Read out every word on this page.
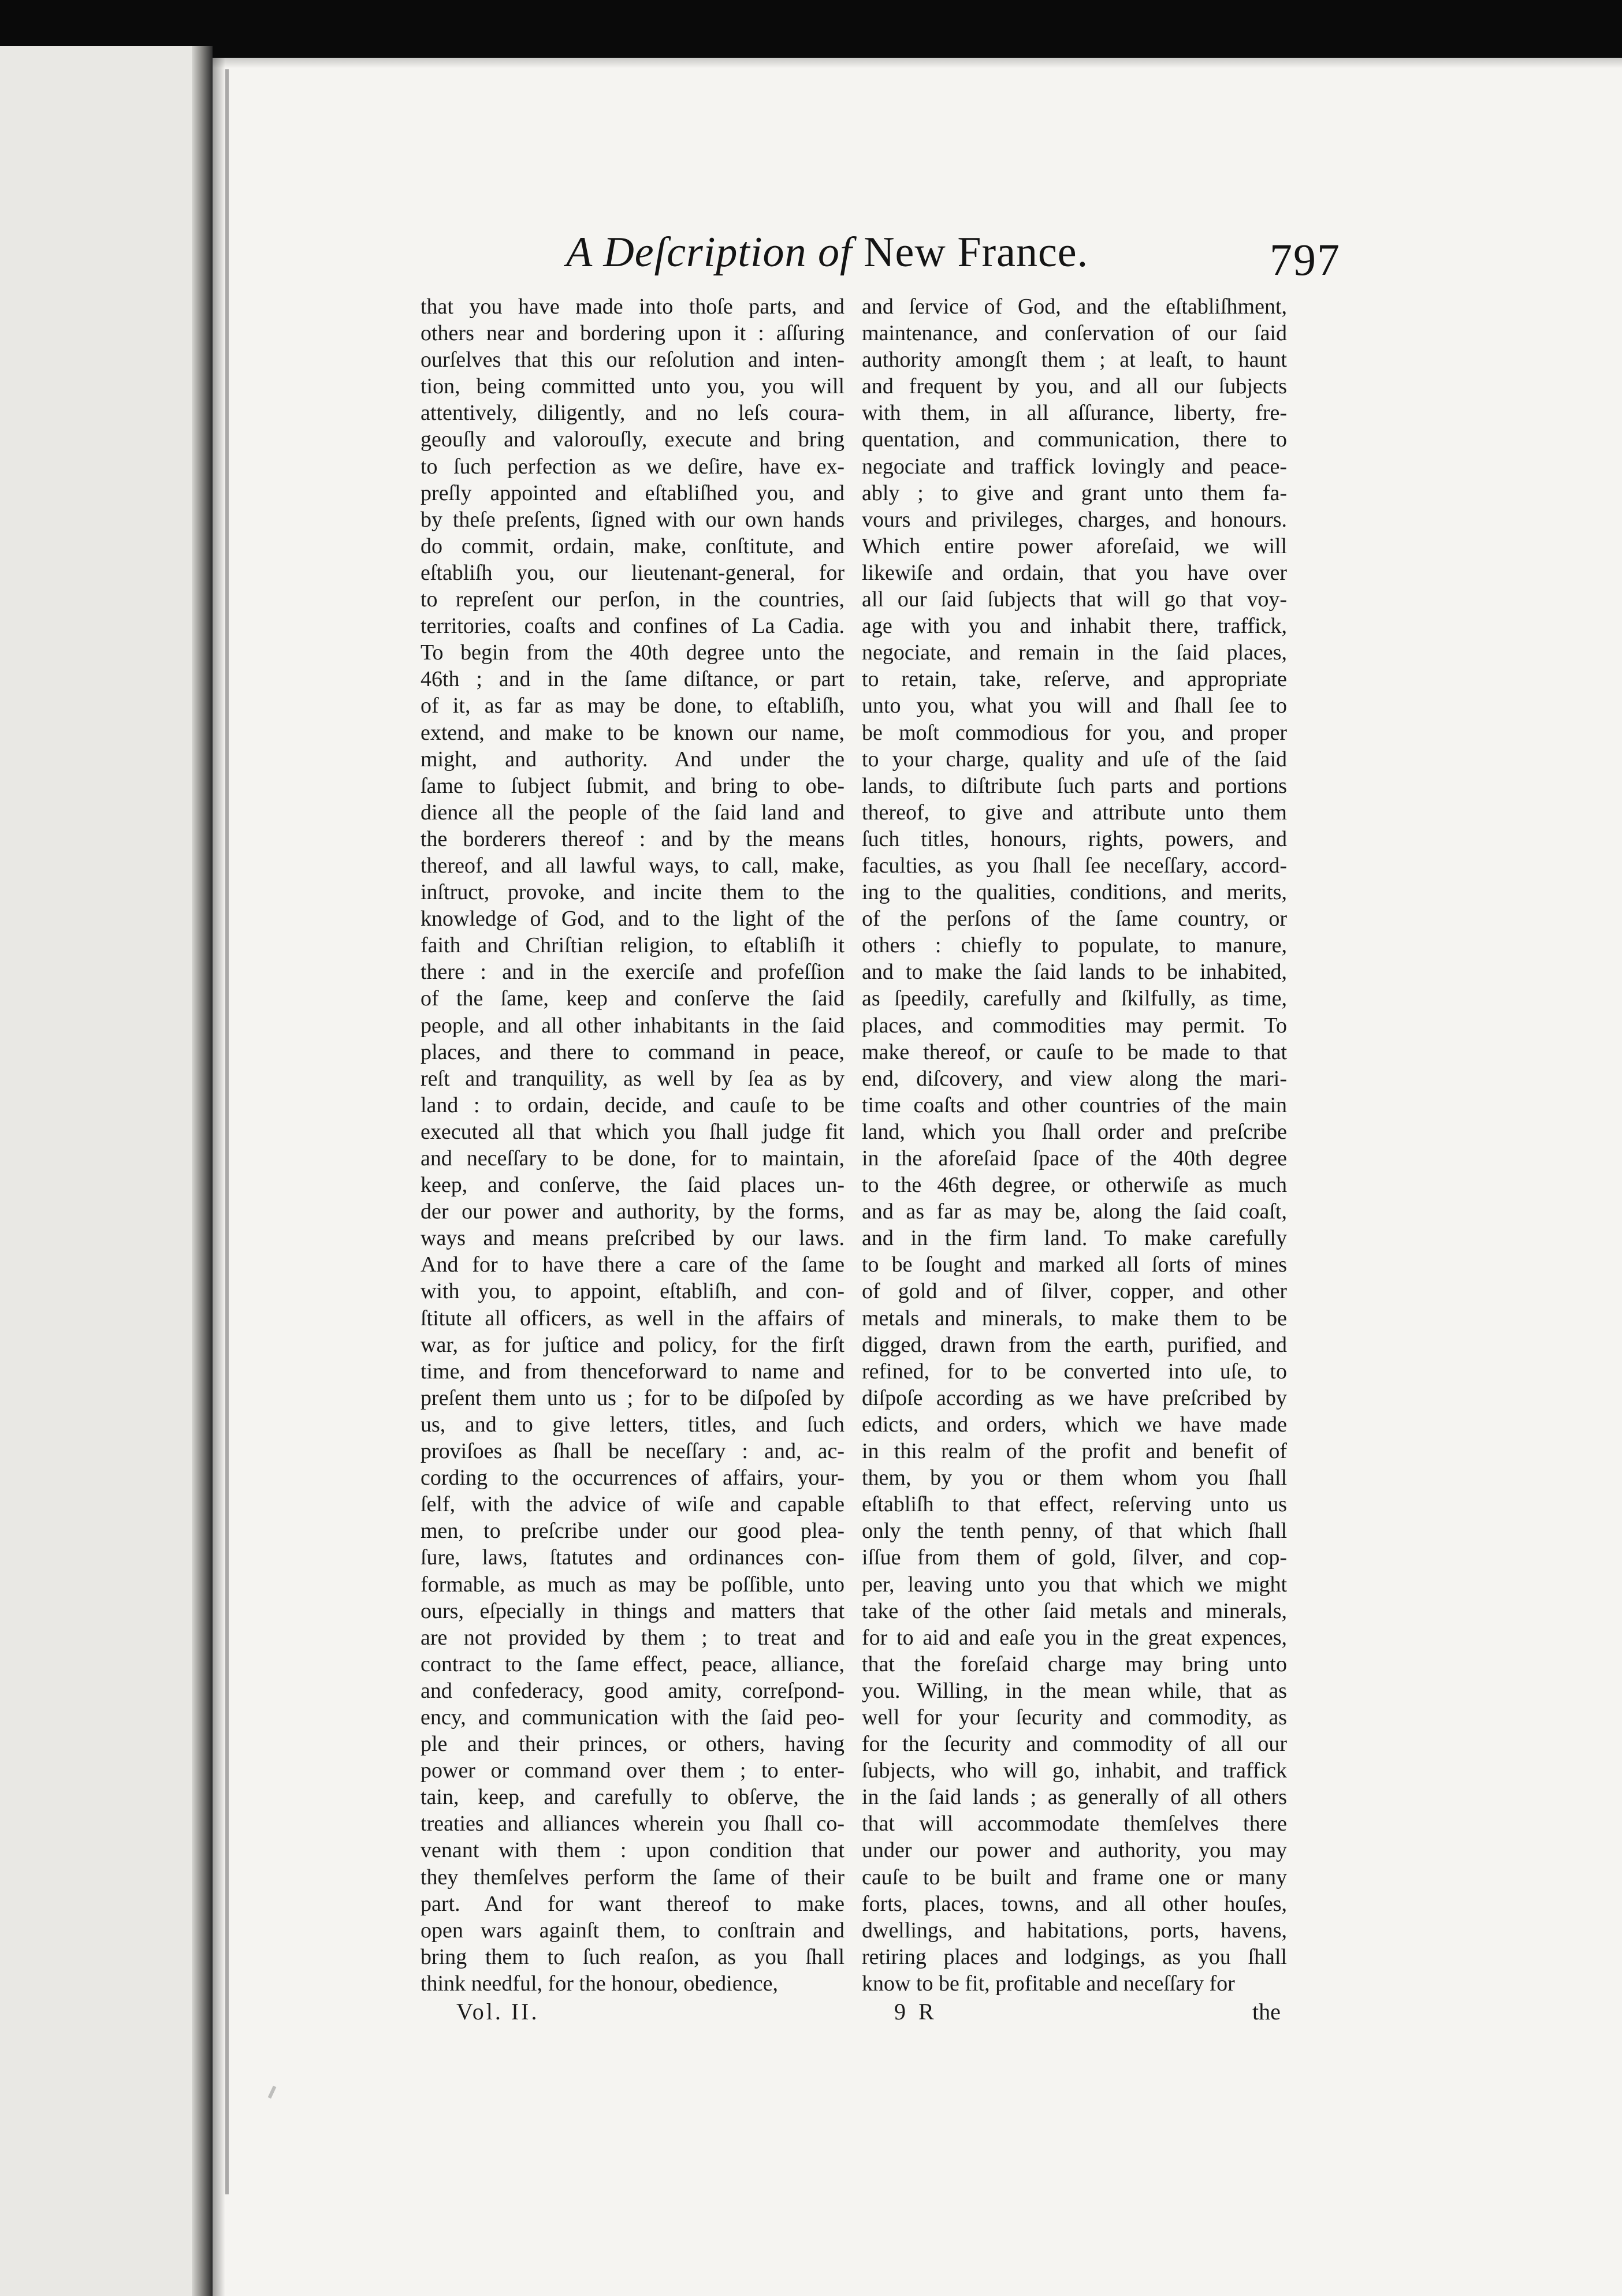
A Deſcription of New France.	797
that you have made into thoſe parts, and
others near and bordering upon it : aſſuring
ourſelves that this our reſolution and inten-
tion, being committed unto you, you will
attentively, diligently, and no leſs coura-
geouſly and valorouſly, execute and bring
to ſuch perfection as we deſire, have ex-
preſly appointed and eſtabliſhed you, and
by theſe preſents, ſigned with our own hands
do commit, ordain, make, conſtitute, and
eſtabliſh you, our lieutenant-general, for
to repreſent our perſon, in the countries,
territories, coaſts and confines of La Cadia.
To begin from the 40th degree unto the
46th ; and in the ſame diſtance, or part
of it, as far as may be done, to eſtabliſh,
extend, and make to be known our name,
might, and authority. And under the
ſame to ſubject ſubmit, and bring to obe-
dience all the people of the ſaid land and
the borderers thereof : and by the means
thereof, and all lawful ways, to call, make,
inſtruct, provoke, and incite them to the
knowledge of God, and to the light of the
faith and Chriſtian religion, to eſtabliſh it
there : and in the exerciſe and profeſſion
of the ſame, keep and conſerve the ſaid
people, and all other inhabitants in the ſaid
places, and there to command in peace,
reſt and tranquility, as well by ſea as by
land : to ordain, decide, and cauſe to be
executed all that which you ſhall judge fit
and neceſſary to be done, for to maintain,
keep, and conſerve, the ſaid places un-
der our power and authority, by the forms,
ways and means preſcribed by our laws.
And for to have there a care of the ſame
with you, to appoint, eſtabliſh, and con-
ſtitute all officers, as well in the affairs of
war, as for juſtice and policy, for the firſt
time, and from thenceforward to name and
preſent them unto us ; for to be diſpoſed by
us, and to give letters, titles, and ſuch
proviſoes as ſhall be neceſſary : and, ac-
cording to the occurrences of affairs, your-
ſelf, with the advice of wiſe and capable
men, to preſcribe under our good plea-
ſure, laws, ſtatutes and ordinances con-
formable, as much as may be poſſible, unto
ours, eſpecially in things and matters that
are not provided by them ; to treat and
contract to the ſame effect, peace, alliance,
and confederacy, good amity, correſpond-
ency, and communication with the ſaid peo-
ple and their princes, or others, having
power or command over them ; to enter-
tain, keep, and carefully to obſerve, the
treaties and alliances wherein you ſhall co-
venant with them : upon condition that
they themſelves perform the ſame of their
part. And for want thereof to make
open wars againſt them, to conſtrain and
bring them to ſuch reaſon, as you ſhall
think needful, for the honour, obedience,
and ſervice of God, and the eſtabliſhment,
maintenance, and conſervation of our ſaid
authority amongſt them ; at leaſt, to haunt
and frequent by you, and all our ſubjects
with them, in all aſſurance, liberty, fre-
quentation, and communication, there to
negociate and traffick lovingly and peace-
ably ; to give and grant unto them fa-
vours and privileges, charges, and honours.
Which entire power aforeſaid, we will
likewiſe and ordain, that you have over
all our ſaid ſubjects that will go that voy-
age with you and inhabit there, traffick,
negociate, and remain in the ſaid places,
to retain, take, reſerve, and appropriate
unto you, what you will and ſhall ſee to
be moſt commodious for you, and proper
to your charge, quality and uſe of the ſaid
lands, to diſtribute ſuch parts and portions
thereof, to give and attribute unto them
ſuch titles, honours, rights, powers, and
faculties, as you ſhall ſee neceſſary, accord-
ing to the qualities, conditions, and merits,
of the perſons of the ſame country, or
others : chiefly to populate, to manure,
and to make the ſaid lands to be inhabited,
as ſpeedily, carefully and ſkilfully, as time,
places, and commodities may permit. To
make thereof, or cauſe to be made to that
end, diſcovery, and view along the mari-
time coaſts and other countries of the main
land, which you ſhall order and preſcribe
in the aforeſaid ſpace of the 40th degree
to the 46th degree, or otherwiſe as much
and as far as may be, along the ſaid coaſt,
and in the firm land. To make carefully
to be ſought and marked all ſorts of mines
of gold and of ſilver, copper, and other
metals and minerals, to make them to be
digged, drawn from the earth, purified, and
refined, for to be converted into uſe, to
diſpoſe according as we have preſcribed by
edicts, and orders, which we have made
in this realm of the profit and benefit of
them, by you or them whom you ſhall
eſtabliſh to that effect, reſerving unto us
only the tenth penny, of that which ſhall
iſſue from them of gold, ſilver, and cop-
per, leaving unto you that which we might
take of the other ſaid metals and minerals,
for to aid and eaſe you in the great expences,
that the foreſaid charge may bring unto
you. Willing, in the mean while, that as
well for your ſecurity and commodity, as
for the ſecurity and commodity of all our
ſubjects, who will go, inhabit, and traffick
in the ſaid lands ; as generally of all others
that will accommodate themſelves there
under our power and authority, you may
cauſe to be built and frame one or many
forts, places, towns, and all other houſes,
dwellings, and habitations, ports, havens,
retiring places and lodgings, as you ſhall
know to be fit, profitable and neceſſary for
Vol. II.	9 R	the
